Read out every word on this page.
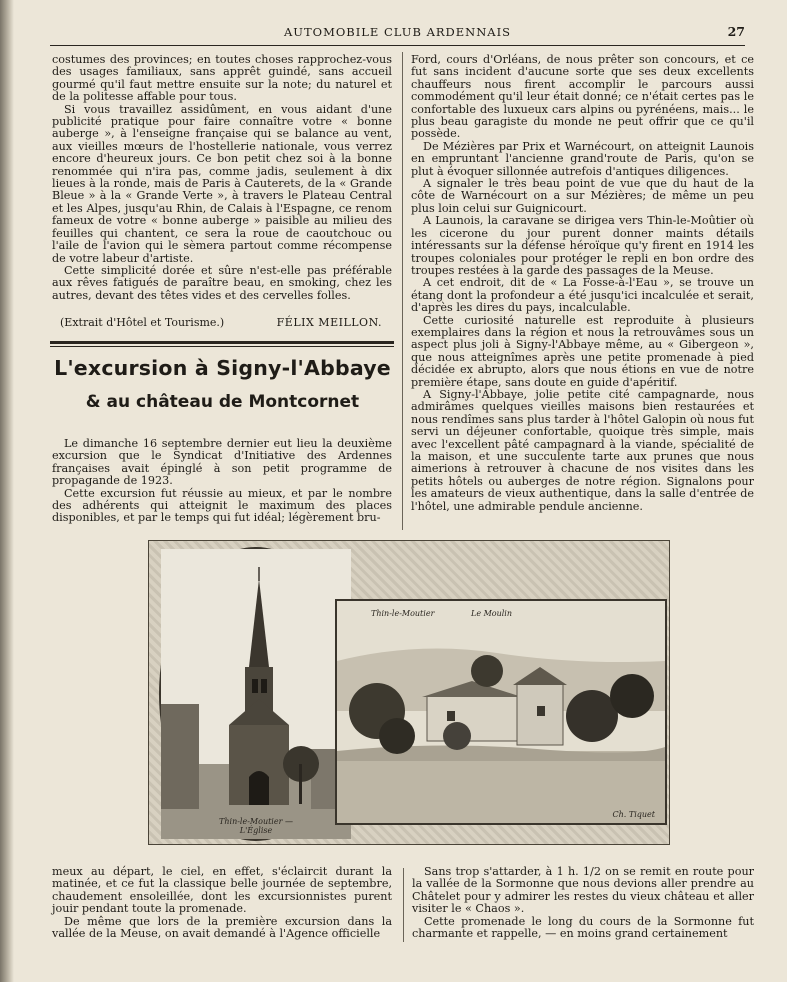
AUTOMOBILE CLUB ARDENNAIS	27

costumes des provinces; en toutes choses rapprochez-vous des usages familiaux, sans apprêt guindé, sans accueil gourmé qu'il faut mettre ensuite sur la note; du naturel et de la politesse affable pour tous.

Si vous travaillez assidûment, en vous aidant d'une publicité pratique pour faire connaître votre « bonne auberge », à l'enseigne française qui se balance au vent, aux vieilles mœurs de l'hostellerie nationale, vous verrez encore d'heureux jours. Ce bon petit chez soi à la bonne renommée qui n'ira pas, comme jadis, seulement à dix lieues à la ronde, mais de Paris à Cauterets, de la « Grande Bleue » à la « Grande Verte », à travers le Plateau Central et les Alpes, jusqu'au Rhin, de Calais à l'Espagne, ce renom fameux de votre « bonne auberge » paisible au milieu des feuilles qui chantent, ce sera la roue de caoutchouc ou l'aile de l'avion qui le sèmera partout comme récompense de votre labeur d'artiste.

Cette simplicité dorée et sûre n'est-elle pas préférable aux rêves fatigués de paraître beau, en smoking, chez les autres, devant des têtes vides et des cervelles folles.

(Extrait d'Hôtel et Tourisme.)	FÉLIX MEILLON.
L'excursion à Signy-l'Abbaye
& au château de Montcornet

Le dimanche 16 septembre dernier eut lieu la deuxième excursion que le Syndicat d'Initiative des Ardennes françaises avait épinglé à son petit programme de propagande de 1923.

Cette excursion fut réussie au mieux, et par le nombre des adhérents qui atteignit le maximum des places disponibles, et par le temps qui fut idéal; légèrement bru-

Ford, cours d'Orléans, de nous prêter son concours, et ce fut sans incident d'aucune sorte que ses deux excellents chauffeurs nous firent accomplir le parcours aussi commodément qu'il leur était donné; ce n'était certes pas le confortable des luxueux cars alpins ou pyrénéens, mais... le plus beau garagiste du monde ne peut offrir que ce qu'il possède.

De Mézières par Prix et Warnécourt, on atteignit Launois en empruntant l'ancienne grand'route de Paris, qu'on se plut à évoquer sillonnée autrefois d'antiques diligences.

A signaler le très beau point de vue que du haut de la côte de Warnécourt on a sur Mézières; de même un peu plus loin celui sur Guignicourt.

A Launois, la caravane se dirigea vers Thin-le-Moûtier où les cicerone du jour purent donner maints détails intéressants sur la défense héroïque qu'y firent en 1914 les troupes coloniales pour protéger le repli en bon ordre des troupes restées à la garde des passages de la Meuse.

A cet endroit, dit de « La Fosse-à-l'Eau », se trouve un étang dont la profondeur a été jusqu'ici incalculée et serait, d'après les dires du pays, incalculable.

Cette curiosité naturelle est reproduite à plusieurs exemplaires dans la région et nous la retrouvâmes sous un aspect plus joli à Signy-l'Abbaye même, au « Gibergeon », que nous atteignîmes après une petite promenade à pied décidée ex abrupto, alors que nous étions en vue de notre première étape, sans doute en guide d'apéritif.

A Signy-l'Abbaye, jolie petite cité campagnarde, nous admirâmes quelques vieilles maisons bien restaurées et nous rendîmes sans plus tarder à l'hôtel Galopin où nous fut servi un déjeuner confortable, quoique très simple, mais avec l'excellent pâté campagnard à la viande, spécialité de la maison, et une succulente tarte aux prunes que nous aimerions à retrouver à chacune de nos visites dans les petits hôtels ou auberges de notre région. Signalons pour les amateurs de vieux authentique, dans la salle d'entrée de l'hôtel, une admirable pendule ancienne.

Thin-le-Moutier — L'Église
Thin-le-Moutier	Le Moulin
Ch. Tiquet

meux au départ, le ciel, en effet, s'éclaircit durant la matinée, et ce fut la classique belle journée de septembre, chaudement ensoleillée, dont les excursionnistes purent jouir pendant toute la promenade.

De même que lors de la première excursion dans la vallée de la Meuse, on avait demandé à l'Agence officielle

Sans trop s'attarder, à 1 h. 1/2 on se remit en route pour la vallée de la Sormonne que nous devions aller prendre au Châtelet pour y admirer les restes du vieux château et aller visiter le « Chaos ».

Cette promenade le long du cours de la Sormonne fut charmante et rappelle, — en moins grand certainement
